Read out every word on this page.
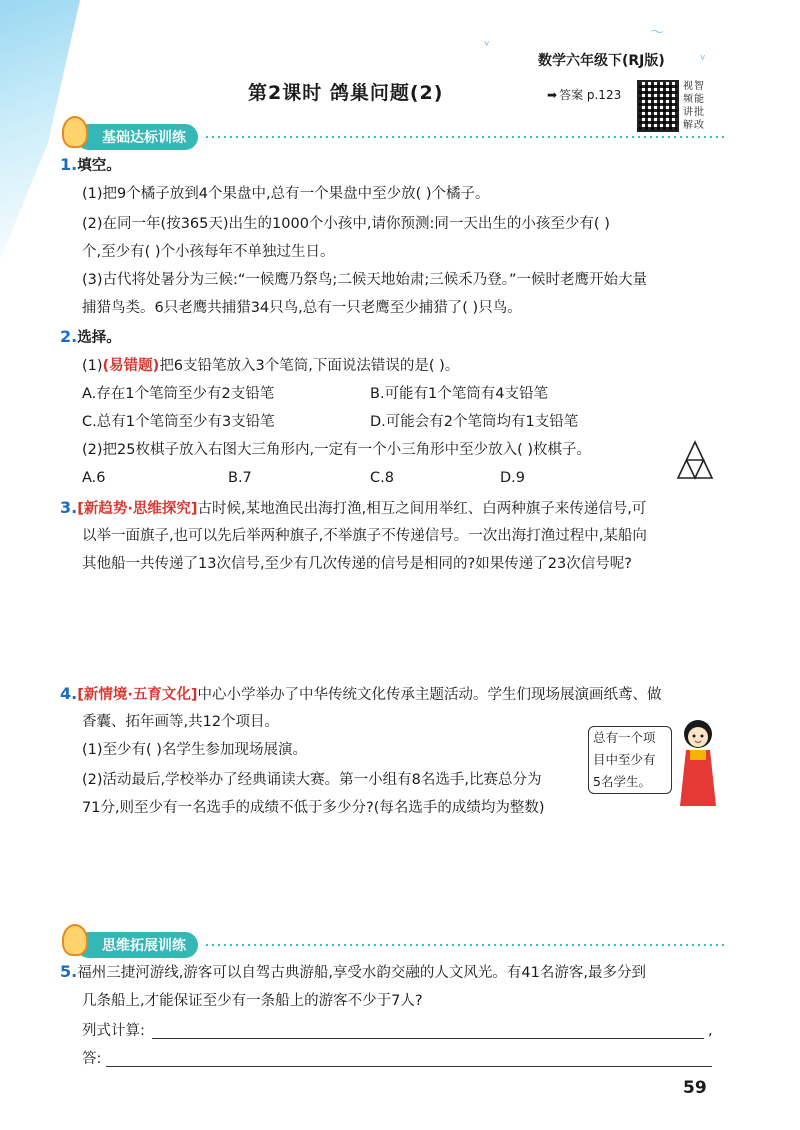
ᵛ
〜
ᵛ
数学六年级下(RJ版)
第2课时 鸽巢问题(2)	➡ 答案 p.123
视智频能讲批解改
基础达标训练
1.填空。
(1)把9个橘子放到4个果盘中,总有一个果盘中至少放( )个橘子。
(2)在同一年(按365天)出生的1000个小孩中,请你预测:同一天出生的小孩至少有( )
个,至少有( )个小孩每年不单独过生日。
(3)古代将处暑分为三候:“一候鹰乃祭鸟;二候天地始肃;三候禾乃登。”一候时老鹰开始大量
捕猎鸟类。6只老鹰共捕猎34只鸟,总有一只老鹰至少捕猎了( )只鸟。
2.选择。
(1)(易错题)把6支铅笔放入3个笔筒,下面说法错误的是( )。
A.存在1个笔筒至少有2支铅笔	B.可能有1个笔筒有4支铅笔
C.总有1个笔筒至少有3支铅笔	D.可能会有2个笔筒均有1支铅笔
(2)把25枚棋子放入右图大三角形内,一定有一个小三角形中至少放入( )枚棋子。
A.6	B.7	C.8	D.9
3.[新趋势·思维探究]古时候,某地渔民出海打渔,相互之间用举红、白两种旗子来传递信号,可
以举一面旗子,也可以先后举两种旗子,不举旗子不传递信号。一次出海打渔过程中,某船向
其他船一共传递了13次信号,至少有几次传递的信号是相同的?如果传递了23次信号呢?
4.[新情境·五育文化]中心小学举办了中华传统文化传承主题活动。学生们现场展演画纸鸢、做
香囊、拓年画等,共12个项目。
(1)至少有( )名学生参加现场展演。
(2)活动最后,学校举办了经典诵读大赛。第一小组有8名选手,比赛总分为
71分,则至少有一名选手的成绩不低于多少分?(每名选手的成绩均为整数)
总有一个项
目中至少有
5名学生。
思维拓展训练
5.福州三捷河游线,游客可以自驾古典游船,享受水韵交融的人文风光。有41名游客,最多分到
几条船上,才能保证至少有一条船上的游客不少于7人?
列式计算:	,
答:
59
